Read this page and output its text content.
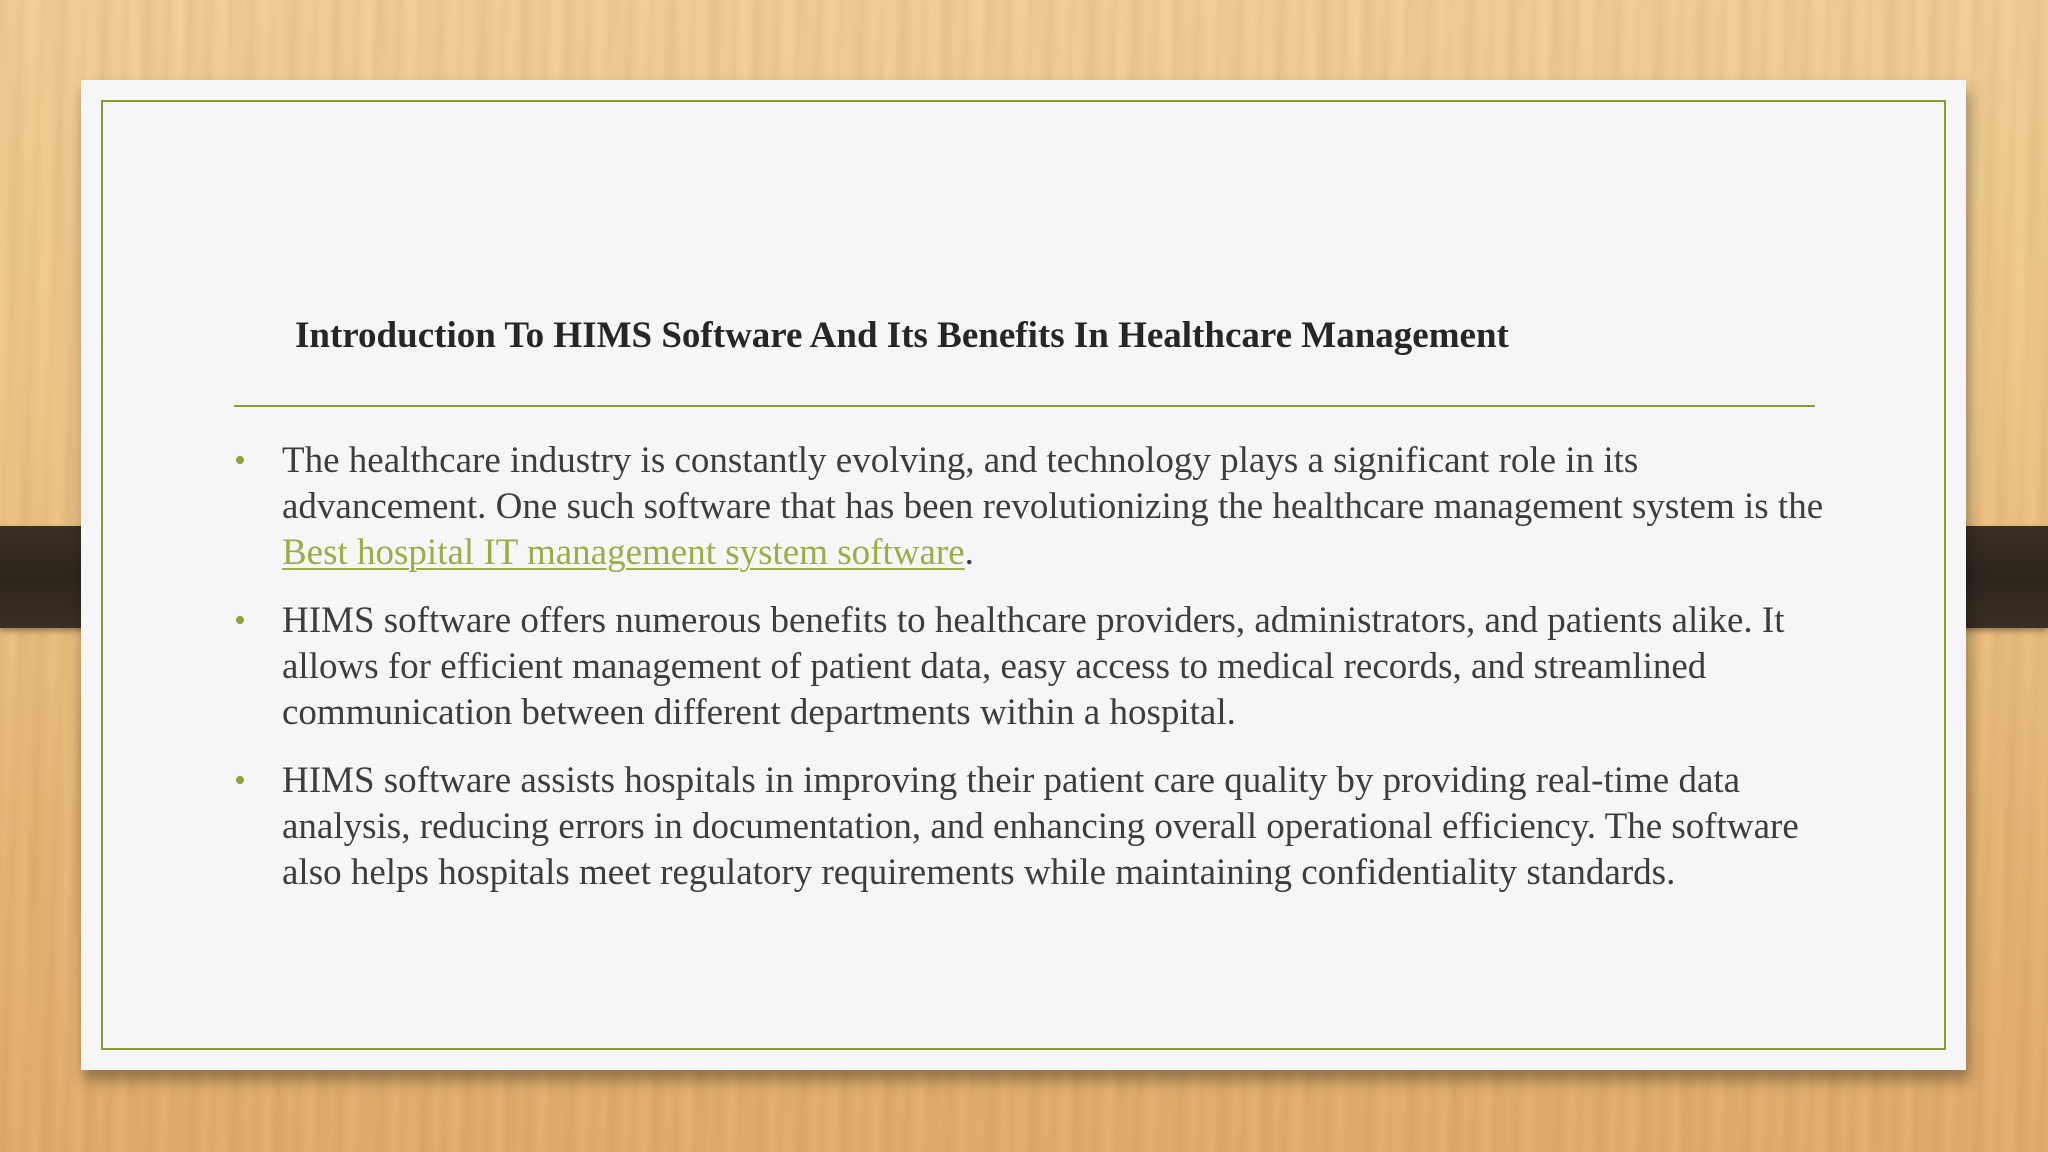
Introduction To HIMS Software And Its Benefits In Healthcare Management
• The healthcare industry is constantly evolving, and technology plays a significant role in its advancement. One such software that has been revolutionizing the healthcare management system is the Best hospital IT management system software.
• HIMS software offers numerous benefits to healthcare providers, administrators, and patients alike. It allows for efficient management of patient data, easy access to medical records, and streamlined communication between different departments within a hospital.
• HIMS software assists hospitals in improving their patient care quality by providing real-time data analysis, reducing errors in documentation, and enhancing overall operational efficiency. The software also helps hospitals meet regulatory requirements while maintaining confidentiality standards.
